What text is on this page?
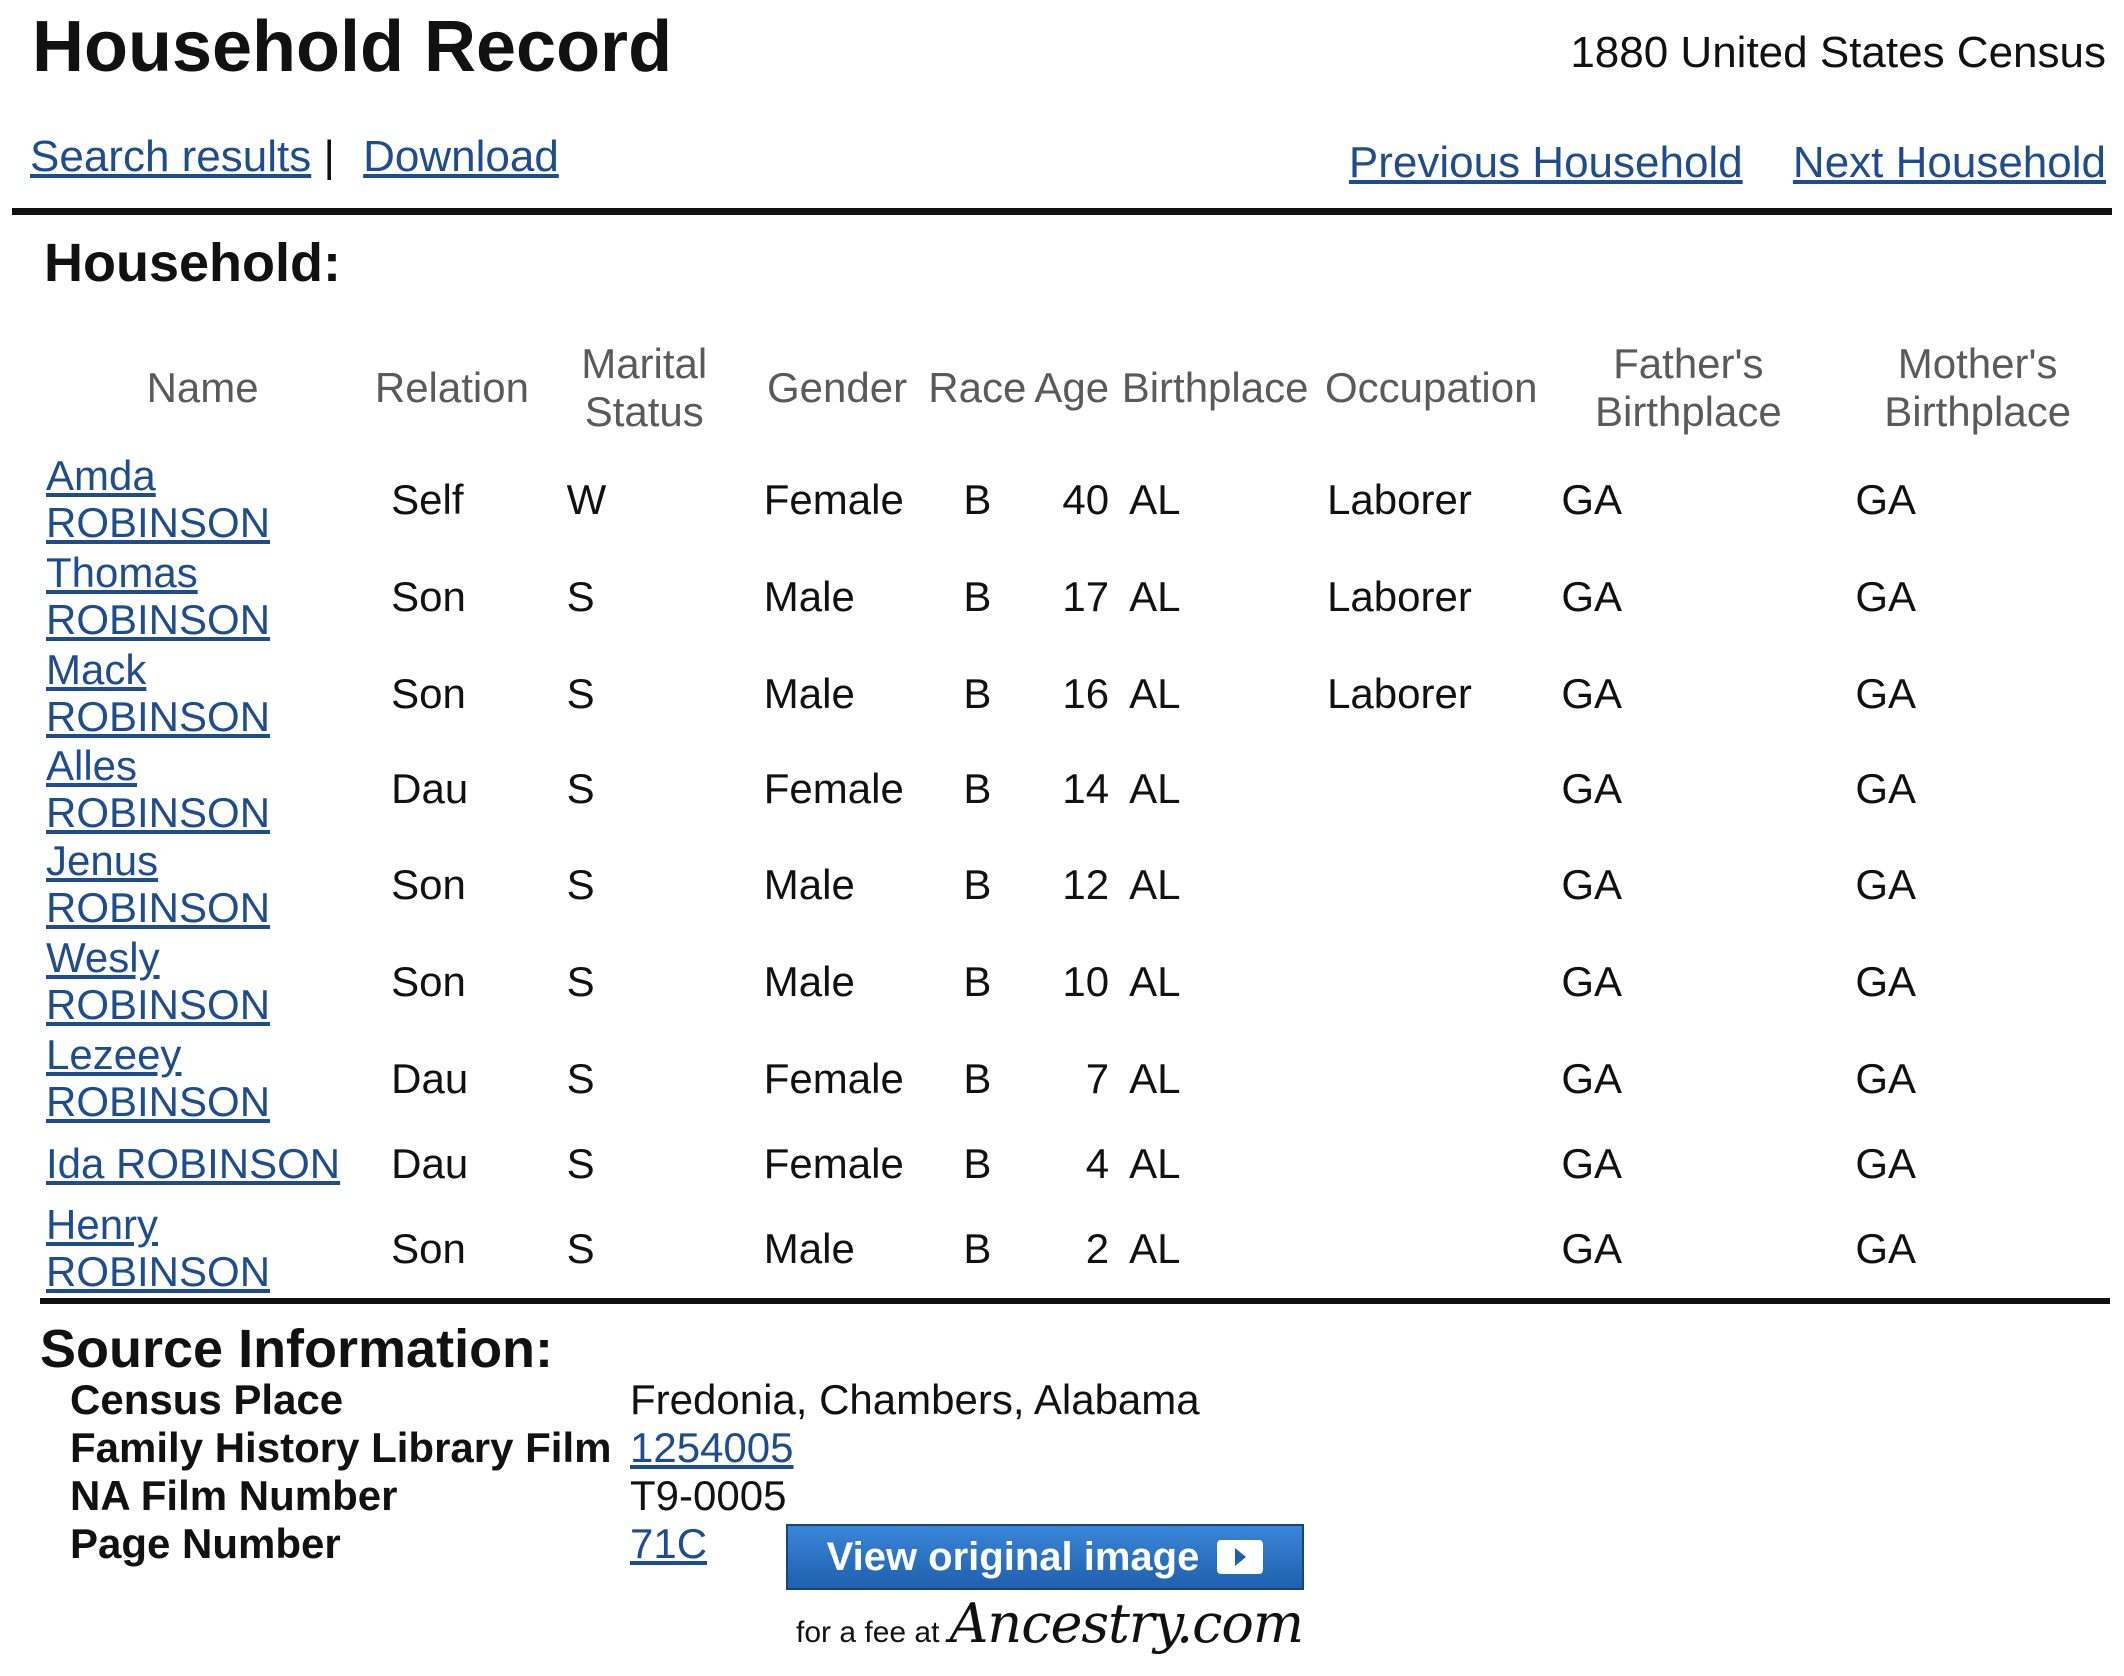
Household Record	1880 United States Census
Search results | Download	Previous Household Next Household
Household:
Name	Relation	Marital Status	Gender	Race	Age	Birthplace	Occupation	Father's Birthplace	Mother's Birthplace
Amda ROBINSON	Self	W	Female	B	40	AL	Laborer	GA	GA
Thomas ROBINSON	Son	S	Male	B	17	AL	Laborer	GA	GA
Mack ROBINSON	Son	S	Male	B	16	AL	Laborer	GA	GA
Alles ROBINSON	Dau	S	Female	B	14	AL		GA	GA
Jenus ROBINSON	Son	S	Male	B	12	AL		GA	GA
Wesly ROBINSON	Son	S	Male	B	10	AL		GA	GA
Lezeey ROBINSON	Dau	S	Female	B	7	AL		GA	GA
Ida ROBINSON	Dau	S	Female	B	4	AL		GA	GA
Henry ROBINSON	Son	S	Male	B	2	AL		GA	GA
Source Information:
Census Place	Fredonia, Chambers, Alabama
Family History Library Film	1254005
NA Film Number	T9-0005
Page Number	71C	View original image
for a fee at Ancestry.com
